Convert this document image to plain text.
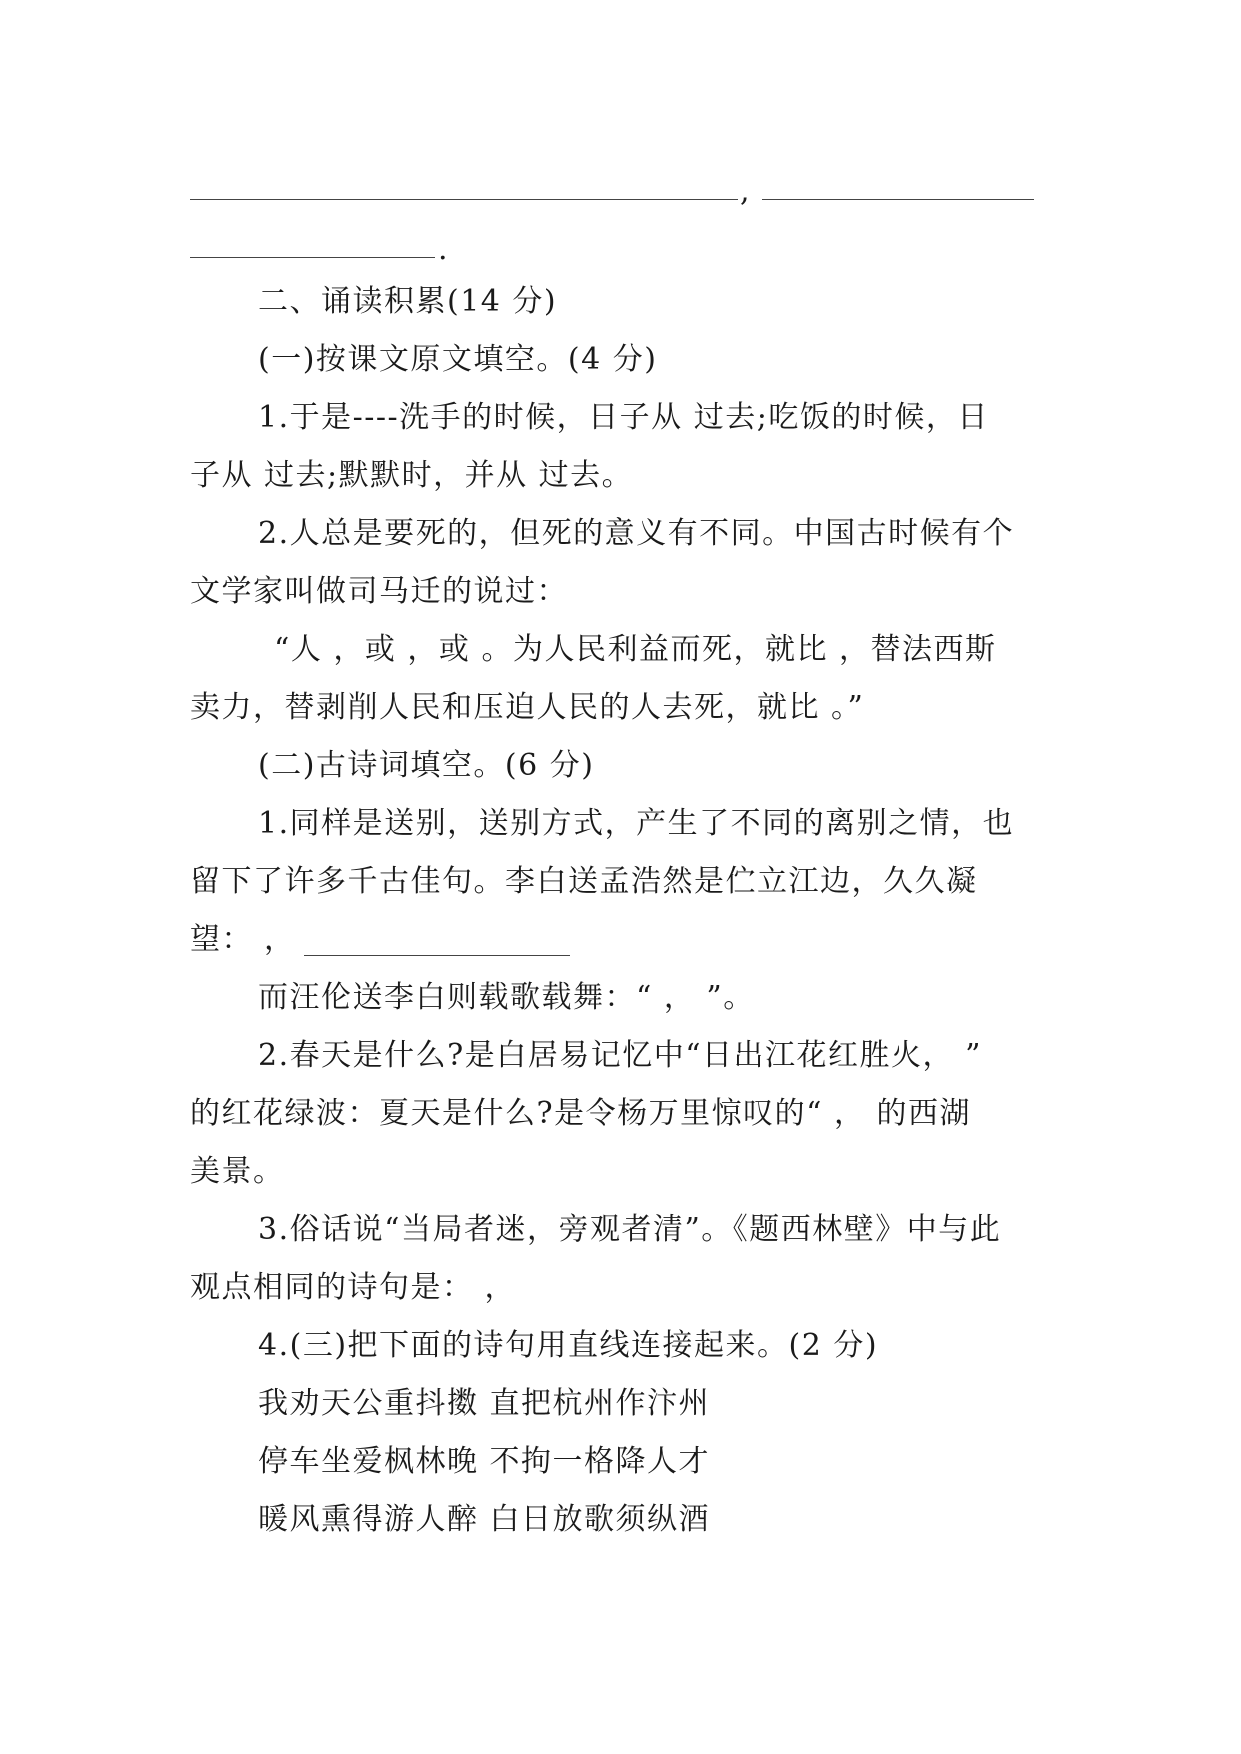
,
.
二、诵读积累(14 分)
(一)按课文原文填空。(4 分)
1.于是----洗手的时候，日子从 过去;吃饭的时候，日
子从 过去;默默时，并从 过去。
2.人总是要死的，但死的意义有不同。中国古时候有个
文学家叫做司马迁的说过：
“人 ，或 ，或 。为人民利益而死，就比 ，替法西斯
卖力，替剥削人民和压迫人民的人去死，就比 。”
(二)古诗词填空。(6 分)
1.同样是送别，送别方式，产生了不同的离别之情，也
留下了许多千古佳句。李白送孟浩然是伫立江边，久久凝
望： ，
而汪伦送李白则载歌载舞：“ ， ”。
2.春天是什么?是白居易记忆中“日出江花红胜火， ”
的红花绿波：夏天是什么?是令杨万里惊叹的“ ， 的西湖
美景。
3.俗话说“当局者迷，旁观者清”。《题西林壁》中与此
观点相同的诗句是： ，
4.(三)把下面的诗句用直线连接起来。(2 分)
我劝天公重抖擞 直把杭州作汴州
停车坐爱枫林晚 不拘一格降人才
暖风熏得游人醉 白日放歌须纵酒
